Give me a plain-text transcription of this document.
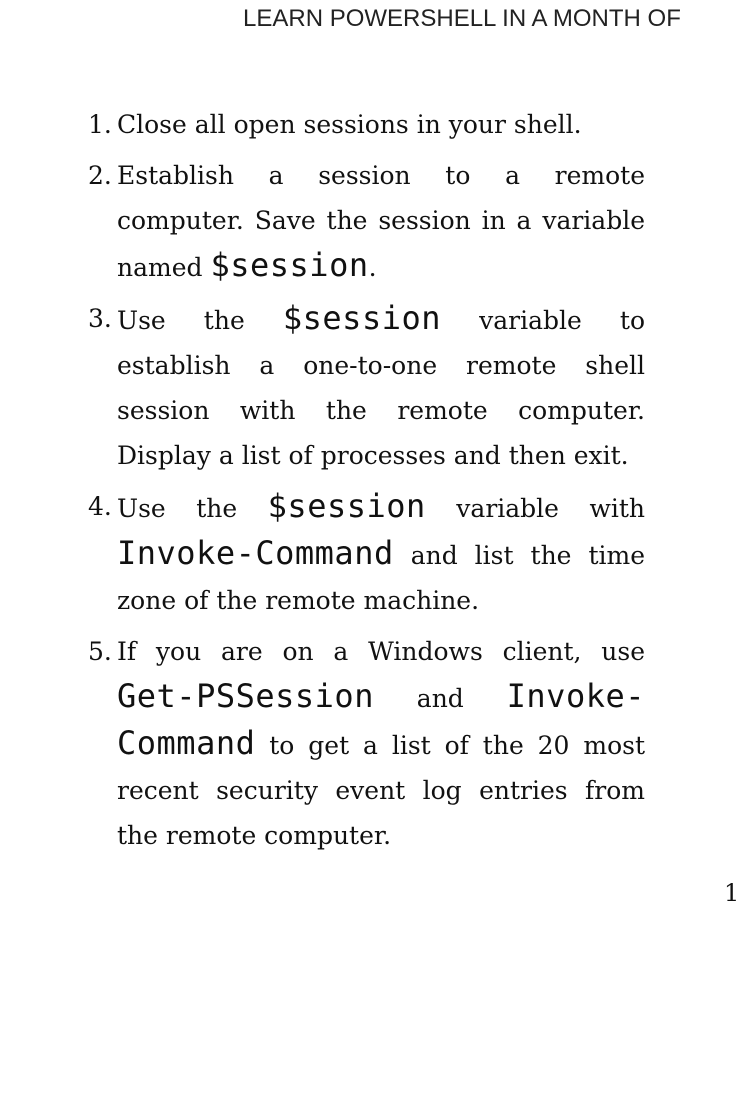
LEARN POWERSHELL IN A MONTH OF
1. Close all open sessions in your shell.
2. Establish a session to a remote computer. Save the session in a variable named $session.
3. Use the $session variable to establish a one-to-one remote shell session with the remote computer. Display a list of processes and then exit.
4. Use the $session variable with Invoke-Command and list the time zone of the remote machine.
5. If you are on a Windows client, use Get-PSSession and Invoke-Command to get a list of the 20 most recent security event log entries from the remote computer.
1
